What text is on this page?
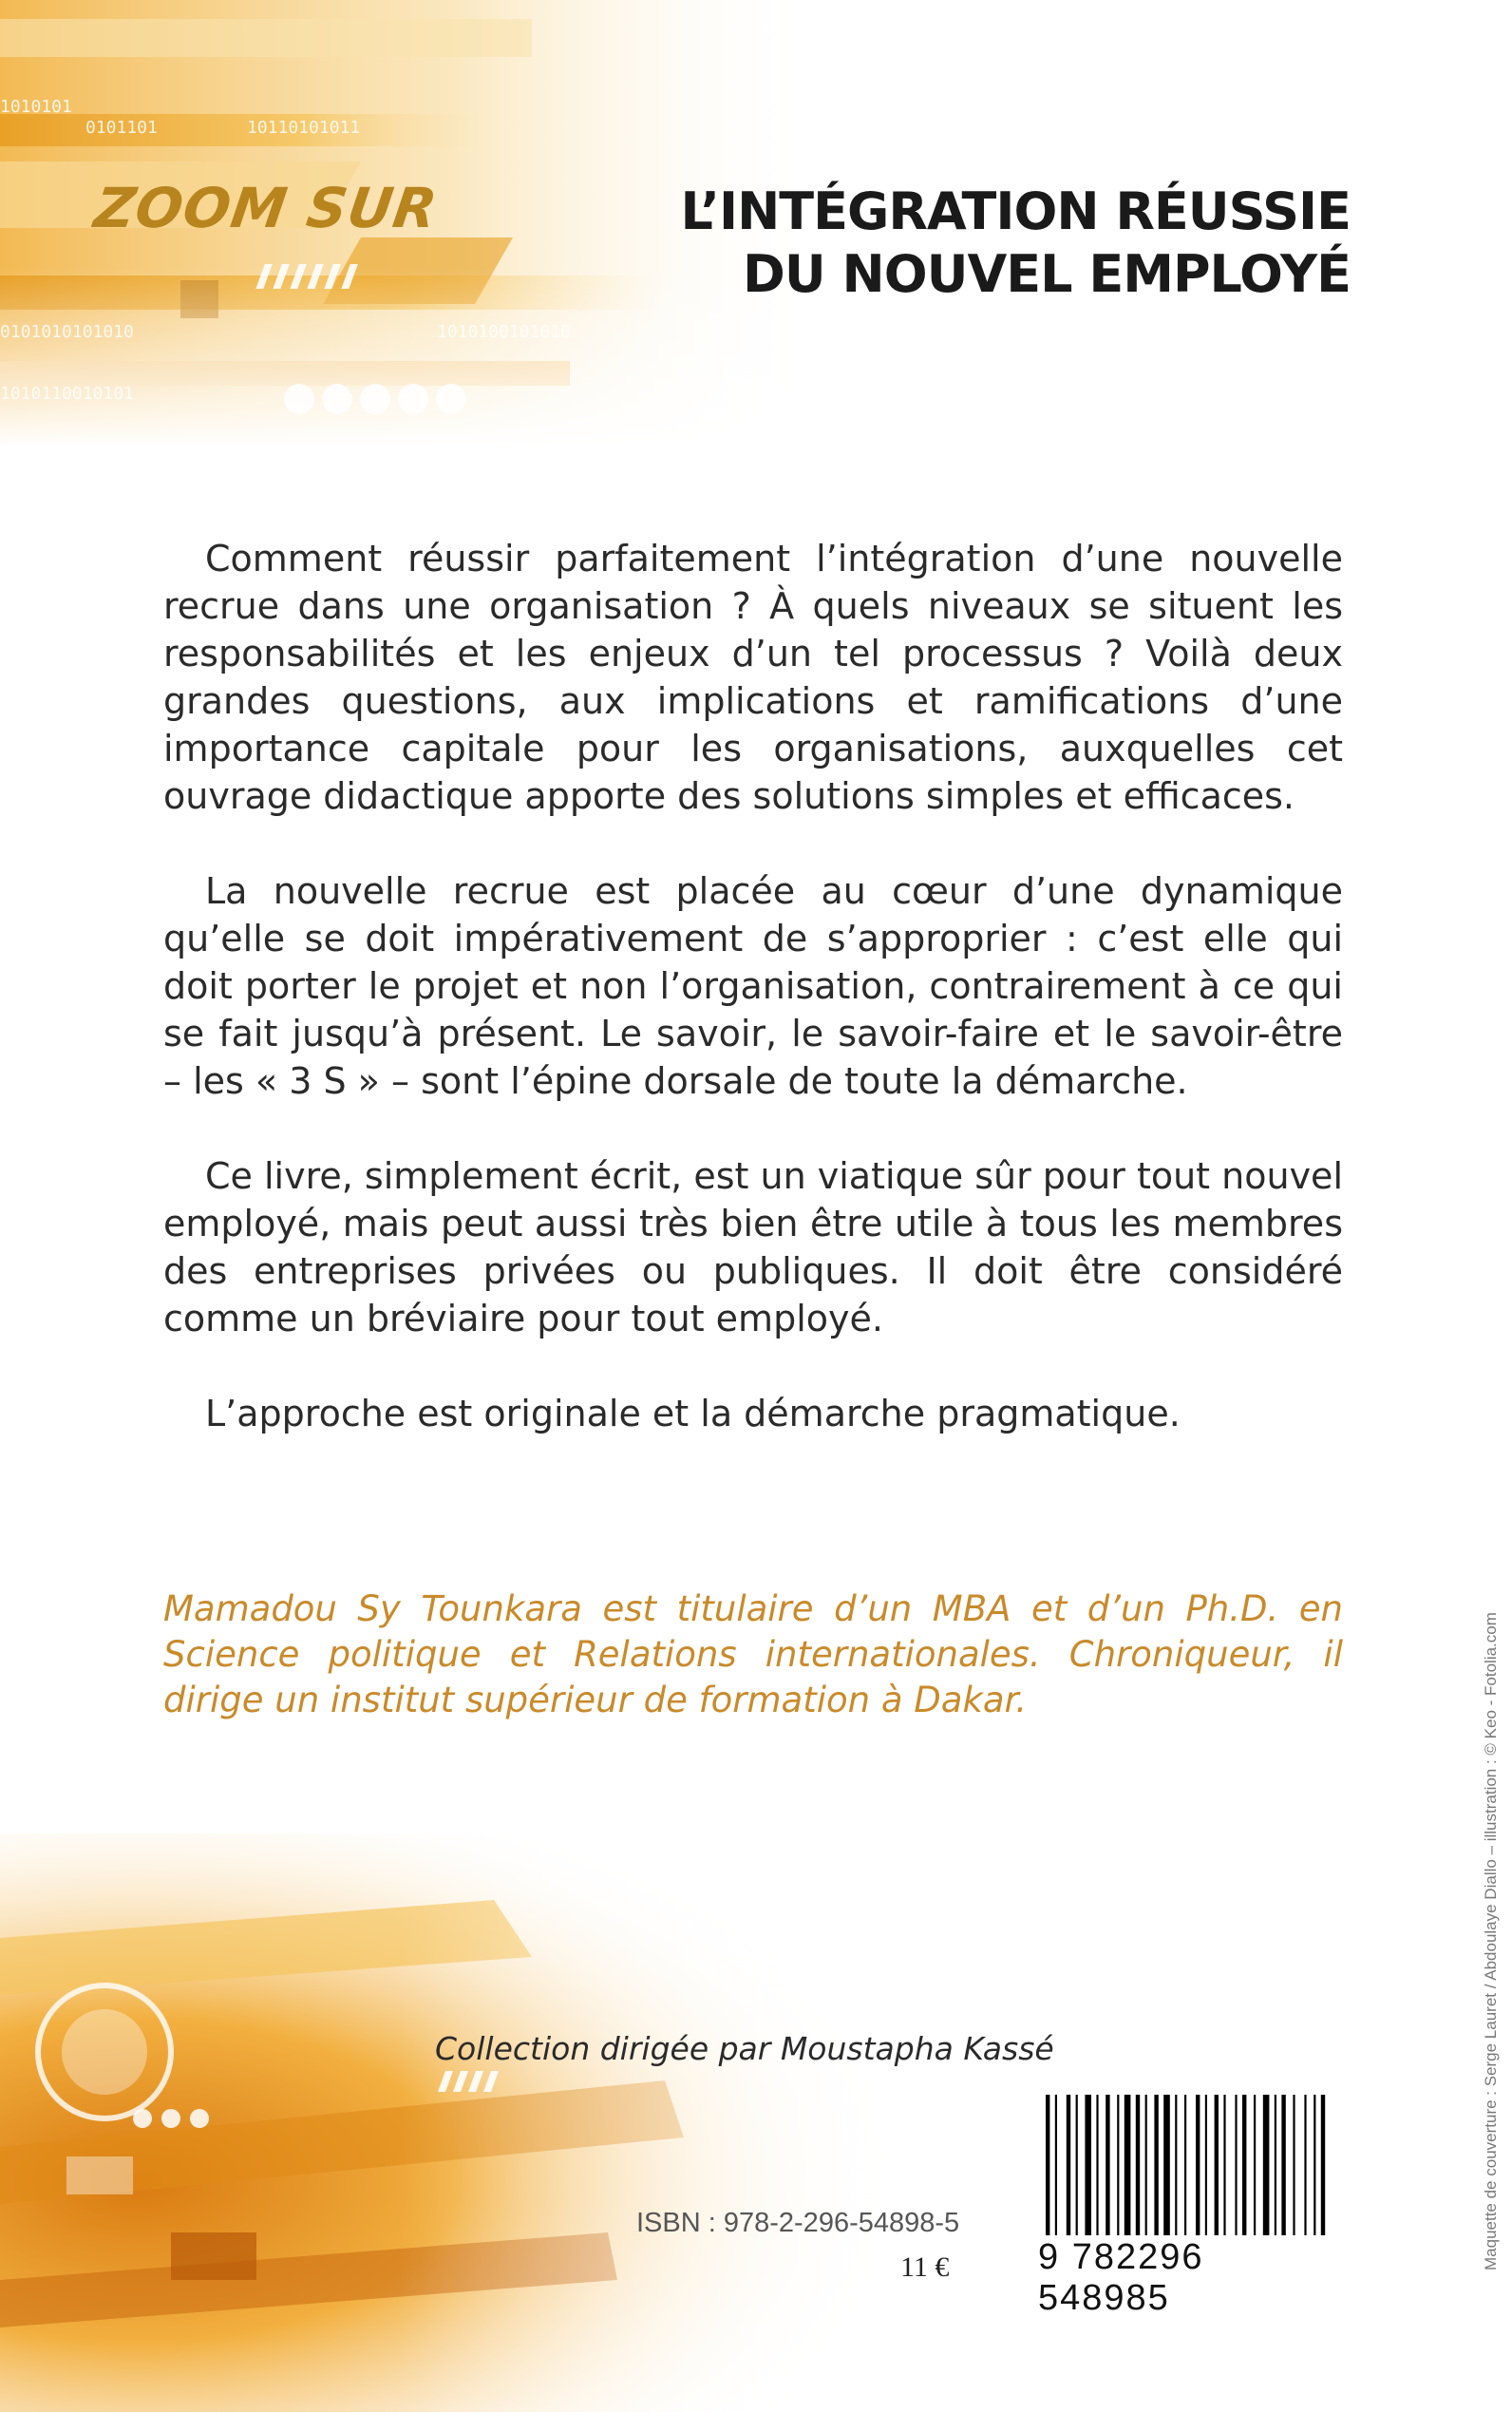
ZOOM SUR	L’INTÉGRATION RÉUSSIE
DU NOUVEL EMPLOYÉ

Comment réussir parfaitement l’intégration d’une nouvelle recrue dans une organisation ? À quels niveaux se situent les responsabilités et les enjeux d’un tel processus ? Voilà deux grandes questions, aux implications et ramifications d’une importance capitale pour les organisations, auxquelles cet ouvrage didactique apporte des solutions simples et efficaces.

La nouvelle recrue est placée au cœur d’une dynamique qu’elle se doit impérativement de s’approprier : c’est elle qui doit porter le projet et non l’organisation, contrairement à ce qui se fait jusqu’à présent. Le savoir, le savoir-faire et le savoir-être – les « 3 S » – sont l’épine dorsale de toute la démarche.

Ce livre, simplement écrit, est un viatique sûr pour tout nouvel employé, mais peut aussi très bien être utile à tous les membres des entreprises privées ou publiques. Il doit être considéré comme un bréviaire pour tout employé.

L’approche est originale et la démarche pragmatique.

Mamadou Sy Tounkara est titulaire d’un MBA et d’un Ph.D. en Science politique et Relations internationales. Chroniqueur, il dirige un institut supérieur de formation à Dakar.
Collection dirigée par Moustapha Kassé
ISBN : 978-2-296-54898-5
11 € 9 782296 548985
Maquette de couverture : Serge Lauret / Abdoulaye Diallo – illustration : © Keo - Fotolia.com
